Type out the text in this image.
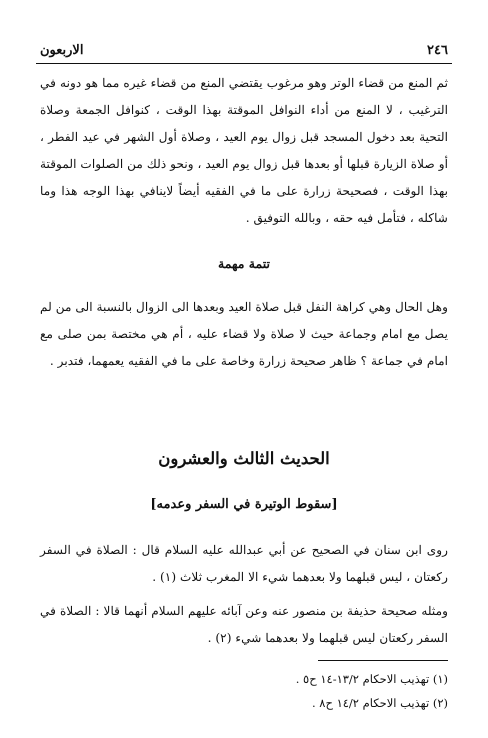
٢٤٦
الاربعون

ثم المنع من قضاء الوتر وهو مرغوب يقتضي المنع من قضاء غيره مما هو دونه في الترغيب ، لا المنع من أداء النوافل الموقتة بهذا الوقت ، كنوافل الجمعة وصلاة التحية بعد دخول المسجد قبل زوال يوم العيد ، وصلاة أول الشهر في عيد الفطر ، أو صلاة الزيارة قبلها أو بعدها قبل زوال يوم العيد ، ونحو ذلك من الصلوات الموقتة بهذا الوقت ، فصحيحة زرارة على ما في الفقيه أيضاً لاينافي بهذا الوجه هذا وما شاكله ، فتأمل فيه حقه ، وبالله التوفيق .

تتمة مهمة

وهل الحال وهي كراهة النفل قبل صلاة العيد وبعدها الى الزوال بالنسبة الى من لم يصل مع امام وجماعة حيث لا صلاة ولا قضاء عليه ، أم هي مختصة بمن صلى مع امام في جماعة ؟ ظاهر صحيحة زرارة وخاصة على ما في الفقيه يعمهما، فتدبر .

الحديث الثالث والعشرون
[سقوط الوتيرة في السفر وعدمه]

روى ابن سنان في الصحيح عن أبي عبدالله عليه السلام قال : الصلاة في السفر ركعتان ، ليس قبلهما ولا بعدهما شيء الا المغرب ثلاث (١) .

ومثله صحيحة حذيفة بن منصور عنه وعن آبائه عليهم السلام أنهما قالا : الصلاة في السفر ركعتان ليس قبلهما ولا بعدهما شيء (٢) .

(١) تهذيب الاحكام ١٣/٢-١٤ ح٥ .
(٢) تهذيب الاحكام ١٤/٢ ح٨ .
